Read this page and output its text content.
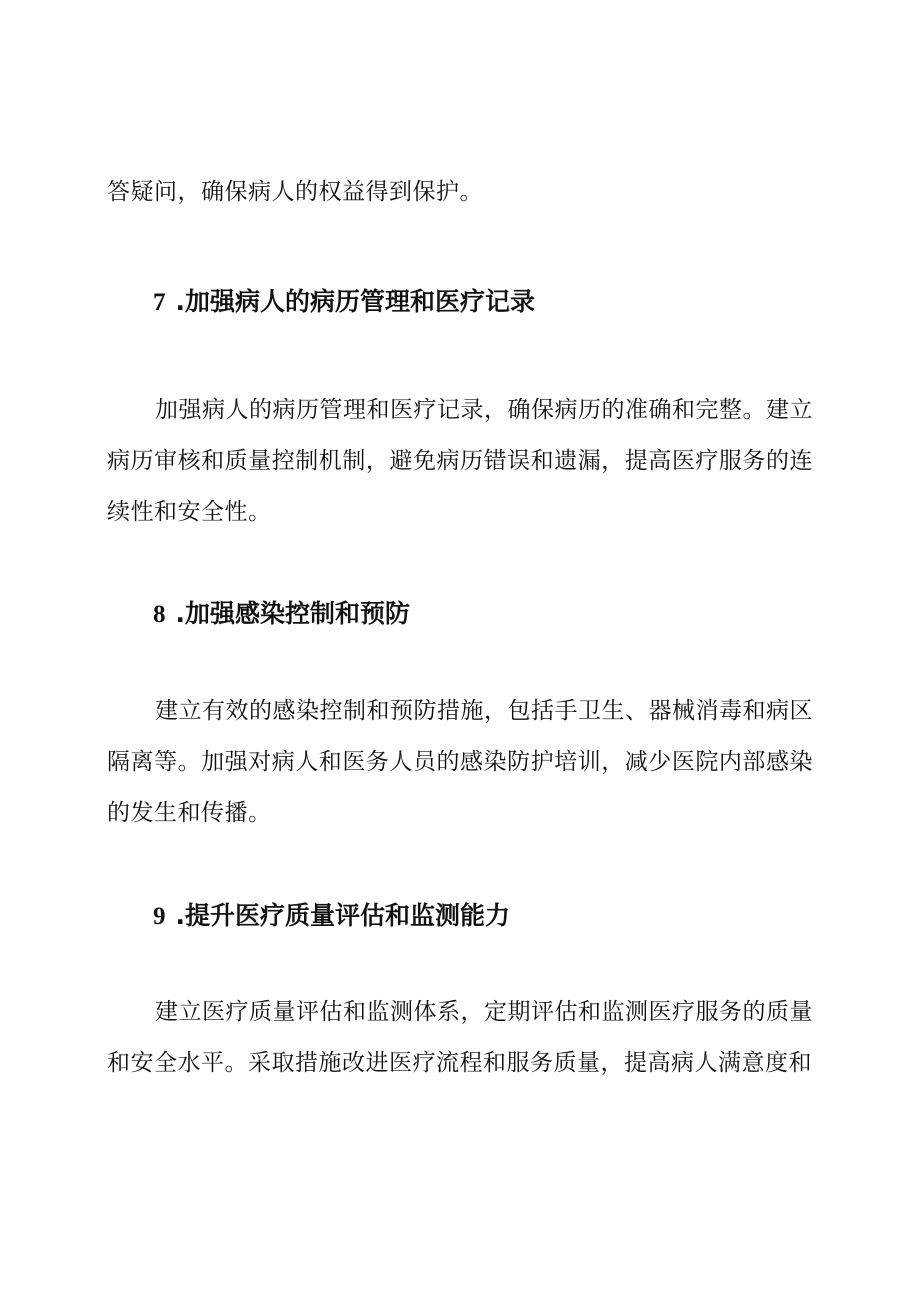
答疑问，确保病人的权益得到保护。

7 .加强病人的病历管理和医疗记录

加强病人的病历管理和医疗记录，确保病历的准确和完整。建立病历审核和质量控制机制，避免病历错误和遗漏，提高医疗服务的连续性和安全性。

8 .加强感染控制和预防

建立有效的感染控制和预防措施，包括手卫生、器械消毒和病区隔离等。加强对病人和医务人员的感染防护培训，减少医院内部感染的发生和传播。

9 .提升医疗质量评估和监测能力

建立医疗质量评估和监测体系，定期评估和监测医疗服务的质量和安全水平。采取措施改进医疗流程和服务质量，提高病人满意度和
